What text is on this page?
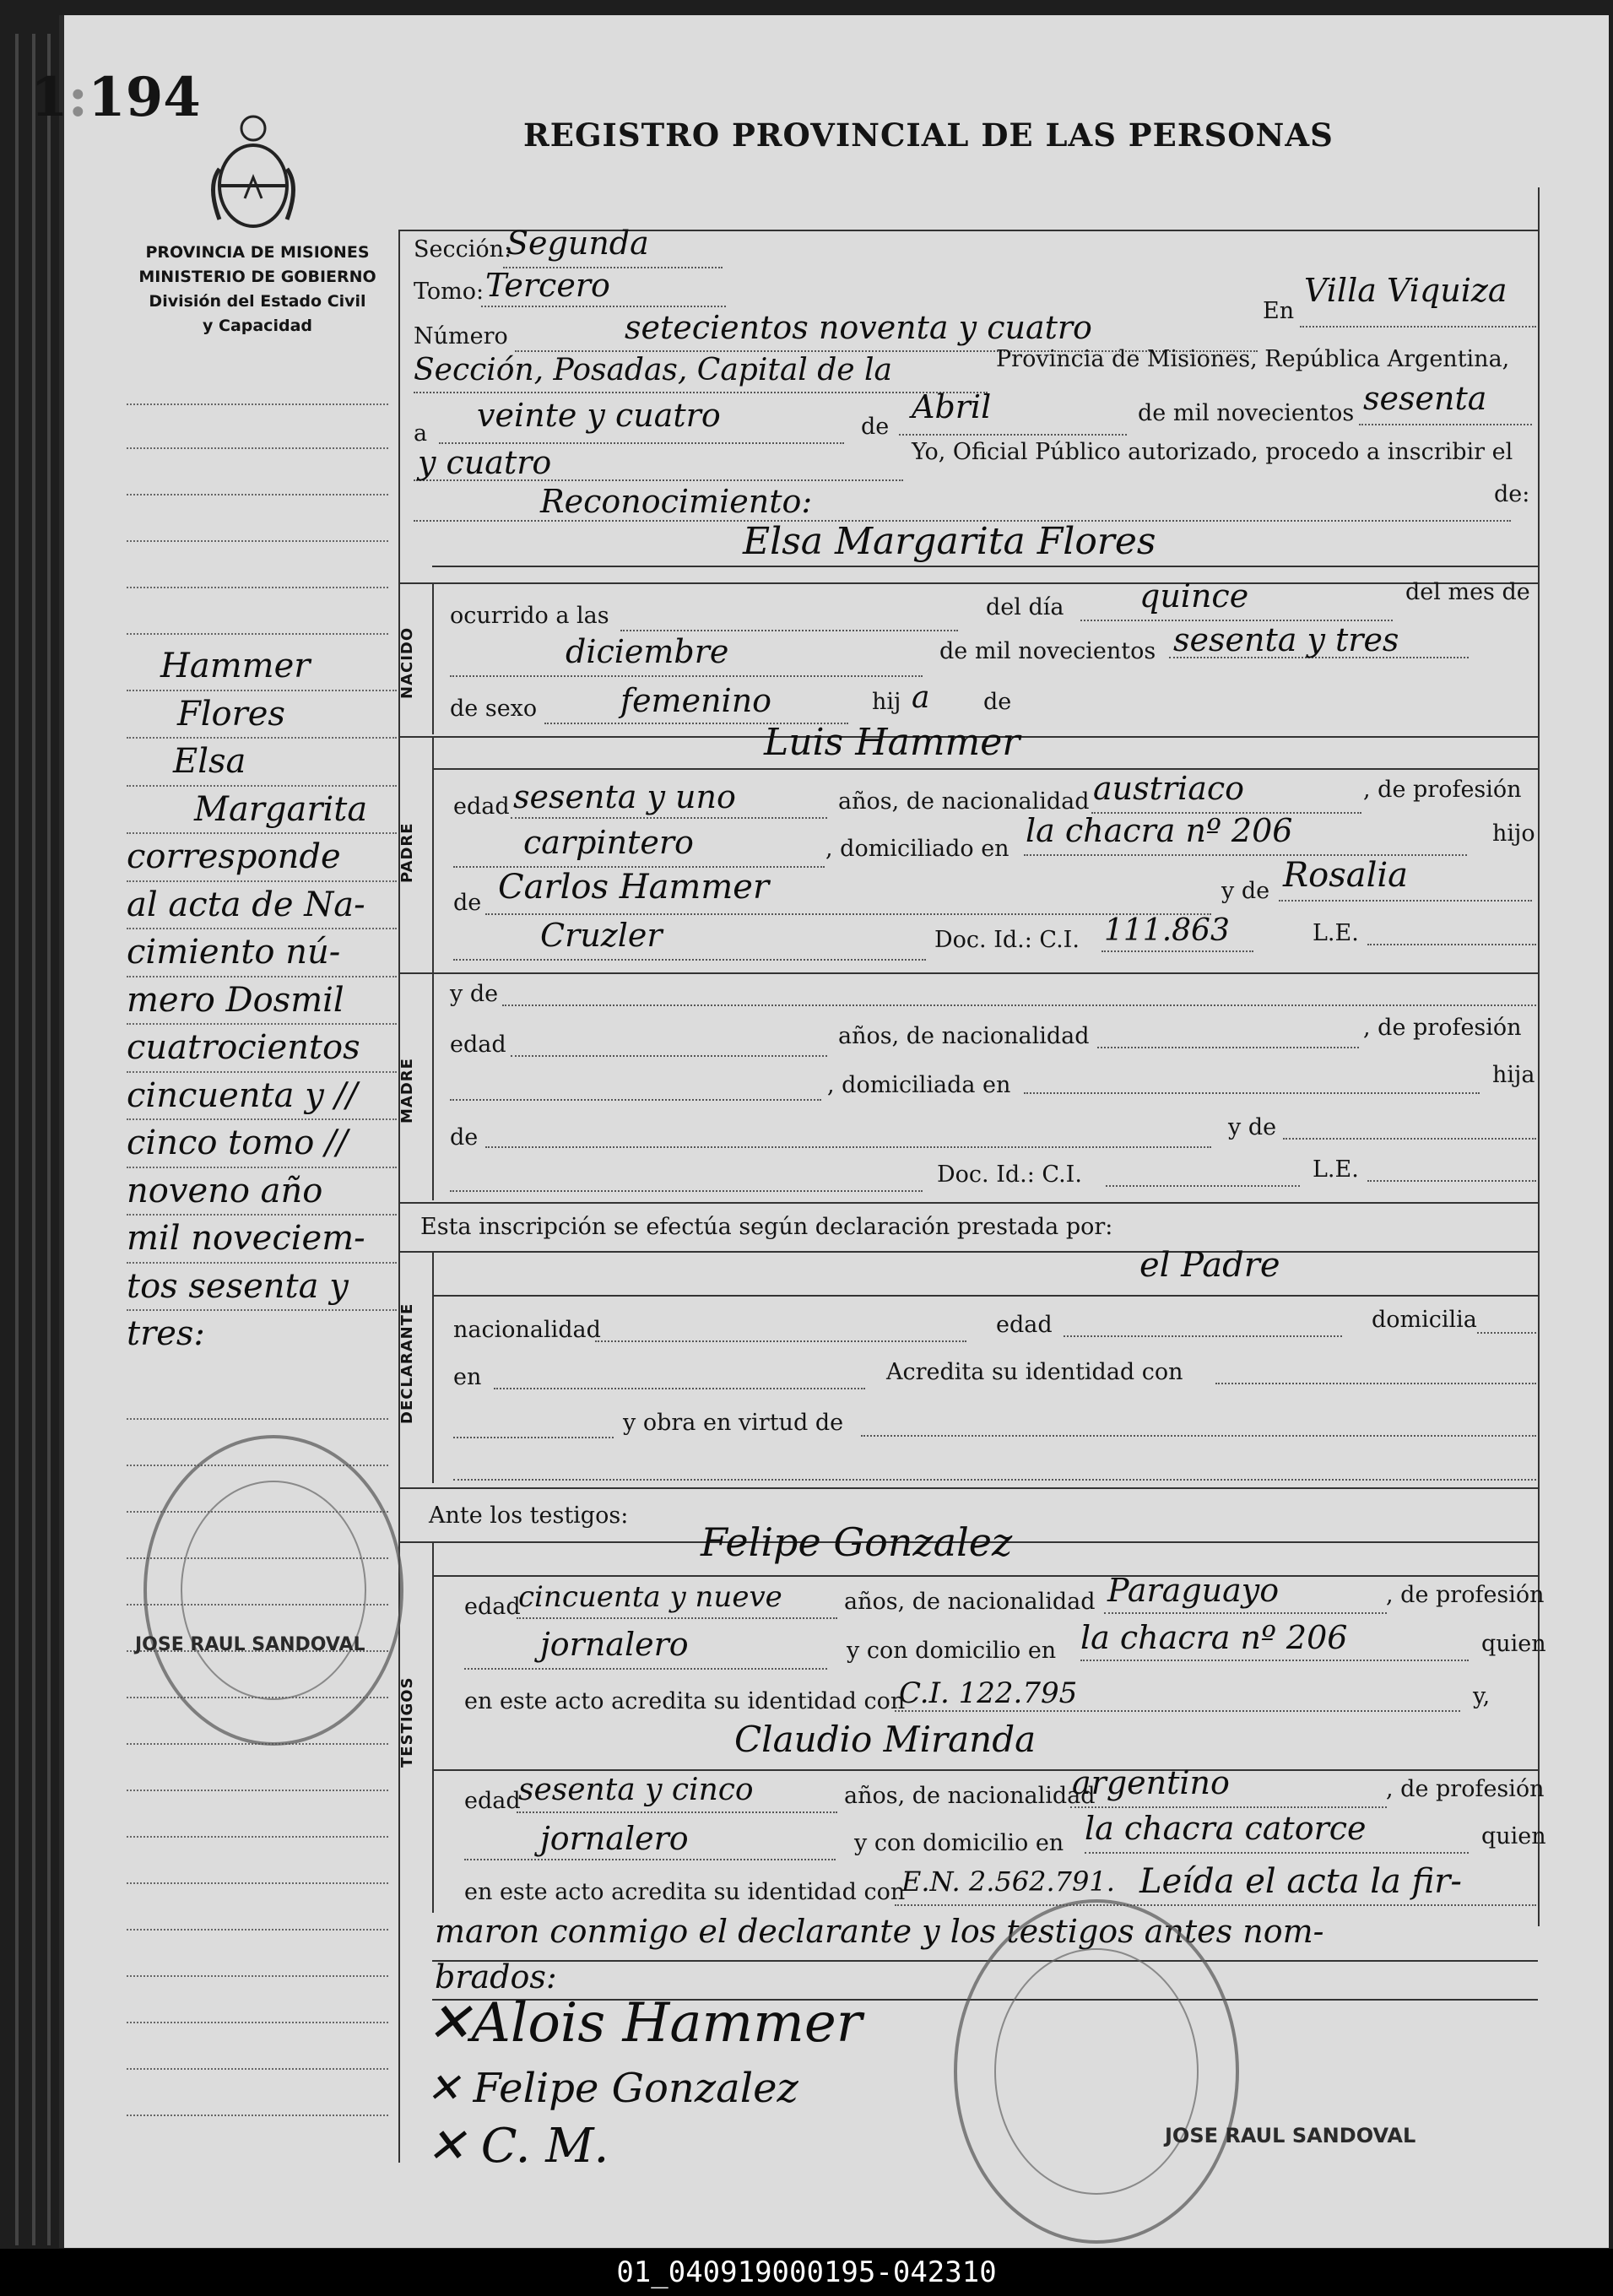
1:194
REGISTRO PROVINCIAL DE LAS PERSONAS
PROVINCIA DE MISIONES
MINISTERIO DE GOBIERNO
División del Estado Civil
y Capacidad
Hammer
Flores
Elsa
Margarita
corresponde
al acta de Na-
cimiento nú-
mero Dosmil
cuatrocientos
cincuenta y //
cinco tomo //
noveno año
mil noveciem-
tos sesenta y
tres:
Sección:
Segunda
Tomo: Tercero
Número	setecientos noventa y cuatro	En
Villa Viquiza
Sección, Posadas, Capital de la	Provincia de Misiones, República Argentina,
a veinte y cuatro	de
Abril	de mil novecientos sesenta
y cuatro	Yo, Oficial Público autorizado, procedo a inscribir el
Reconocimiento:	de:
Elsa Margarita Flores
NACIDO
ocurrido a las	del día quince	del mes de
diciembre	de mil novecientos sesenta y tres
de sexo	femenino	hij a de
PADRE
Luis Hammer
edad sesenta y uno	años, de nacionalidad austriaco	, de profesión
carpintero	, domiciliado en la chacra nº 206	hijo
de Carlos Hammer	y de Rosalia
Cruzler	Doc. Id.: C.I. 111.863	L.E.
MADRE
y de
edad	años, de nacionalidad	, de profesión
, domiciliada en	hija
de	y de
Doc. Id.: C.I.	L.E.
Esta inscripción se efectúa según declaración prestada por:
DECLARANTE
el Padre
nacionalidad	edad	domicilia
en	Acredita su identidad con
y obra en virtud de
Ante los testigos:
TESTIGOS
Felipe Gonzalez
edad
cincuenta y nueve	años, de nacionalidad Paraguayo	, de profesión
jornalero	y con domicilio en la chacra nº 206	quien
en este acto acredita su identidad con
C.I. 122.795	y,
Claudio Miranda
edad
sesenta y cinco	años, de nacionalidad
argentino	, de profesión
jornalero	y con domicilio en la chacra catorce	quien
en este acto acredita su identidad con
E.N. 2.562.791. Leída el acta la fir-
maron conmigo el declarante y los testigos antes nom-
brados:
✕Alois Hammer
✕ Felipe Gonzalez
✕ C. M.
JOSE RAUL SANDOVAL
JOSE RAUL SANDOVAL
01_040919000195-042310
